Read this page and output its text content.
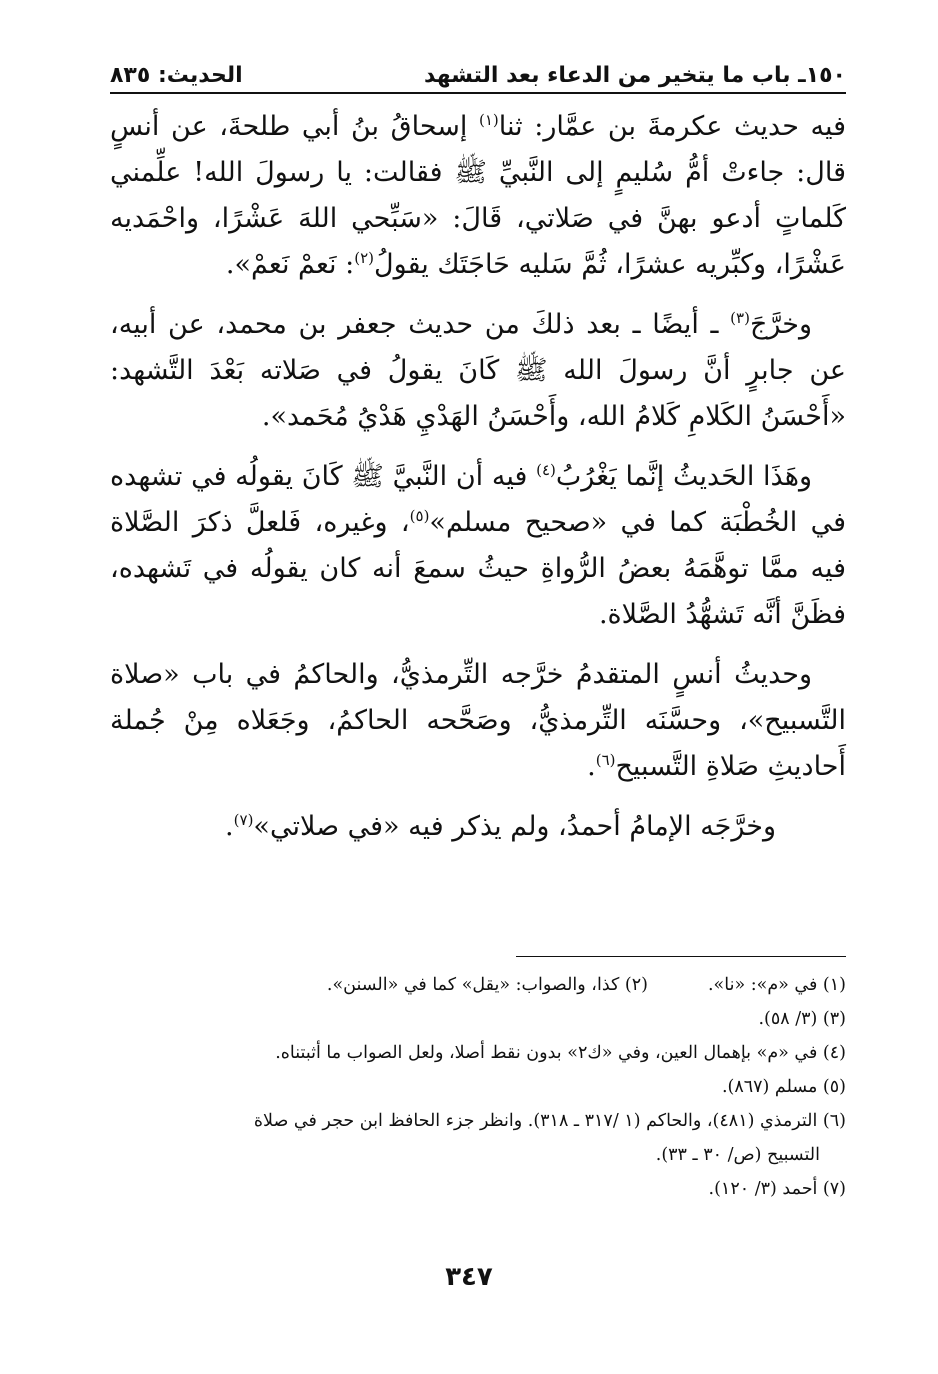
١٥٠ـ باب ما يتخير من الدعاء بعد التشهد
الحديث: ٨٣٥

فيه حديث عكرمةَ بن عمَّار: ثنا$^{(١)}$ إسحاقُ بنُ أبي طلحةَ، عن أنسٍ قال: جاءتْ أمُّ سُليمٍ إلى النَّبيِّ ﷺ فقالت: يا رسولَ الله! علِّمني كَلماتٍ أدعو بهنَّ في صَلاتي، قَالَ: «سَبِّحي اللهَ عَشْرًا، واحْمَديه عَشْرًا، وكبِّريه عشرًا، ثُمَّ سَليه حَاجَتَك يقولُ$^{(٢)}$: نَعمْ نَعمْ».

وخرَّجَ$^{(٣)}$ ـ أيضًا ـ بعد ذلكَ من حديث جعفر بن محمد، عن أبيه، عن جابرٍ أنَّ رسولَ الله ﷺ كَانَ يقولُ في صَلاته بَعْدَ التَّشهد: «أَحْسَنُ الكَلامِ كَلامُ الله، وأَحْسَنُ الهَدْيِ هَدْيُ مُحَمد».

وهَذَا الحَديثُ إنَّما يَغْرُبُ$^{(٤)}$ فيه أن النَّبيَّ ﷺ كَانَ يقولُه في تشهده في الخُطْبَة كما في «صحيح مسلم»$^{(٥)}$، وغيره، فَلعلَّ ذكرَ الصَّلاة فيه ممَّا توهَّمَهُ بعضُ الرُّواةِ حيثُ سمعَ أنه كان يقولُه في تَشهده، فظَنَّ أنَّه تَشهُّدُ الصَّلاة.

وحديثُ أنسٍ المتقدمُ خرَّجه التِّرمذيُّ، والحاكمُ في باب «صلاة التَّسبيح»، وحسَّنَه التِّرمذيُّ، وصَحَّحه الحاكمُ، وجَعَلاه مِنْ جُملة أَحاديثِ صَلاةِ التَّسبيح$^{(٦)}$.

وخرَّجَه الإمامُ أحمدُ، ولم يذكر فيه «في صلاتي»$^{(٧)}$.

(١) في «م»: «نا».
(٢) كذا، والصواب: «يقل» كما في «السنن».
(٣) (٣/ ٥٨).
(٤) في «م» بإهمال العين، وفي «ك٢» بدون نقط أصلا، ولعل الصواب ما أثبتناه.
(٥) مسلم (٨٦٧).
(٦) الترمذي (٤٨١)، والحاكم (١ /٣١٧ ـ ٣١٨). وانظر جزء الحافظ ابن حجر في صلاة
التسبيح (ص/ ٣٠ ـ ٣٣).
(٧) أحمد (٣/ ١٢٠).
٣٤٧
